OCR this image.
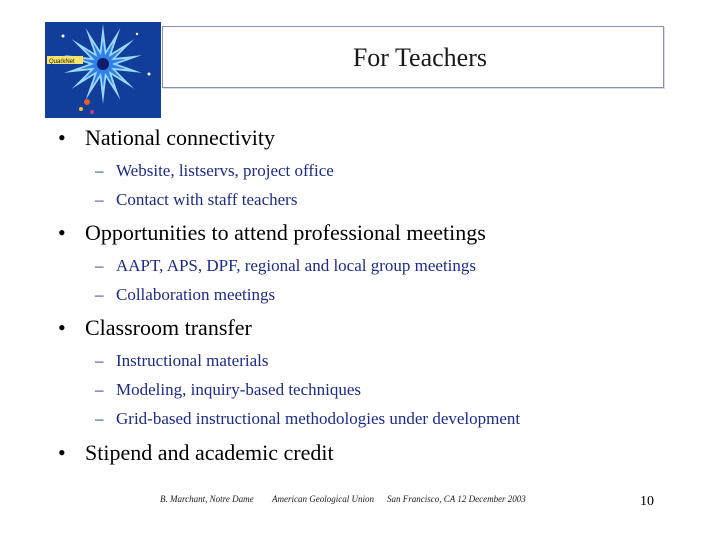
QuarkNet	For Teachers
• National connectivity
– Website, listservs, project office
– Contact with staff teachers
• Opportunities to attend professional meetings
– AAPT, APS, DPF, regional and local group meetings
– Collaboration meetings
• Classroom transfer
– Instructional materials
– Modeling, inquiry-based techniques
– Grid-based instructional methodologies under development
• Stipend and academic credit
B. Marchant, Notre Dame American Geological Union San Francisco, CA 12 December 2003	10
